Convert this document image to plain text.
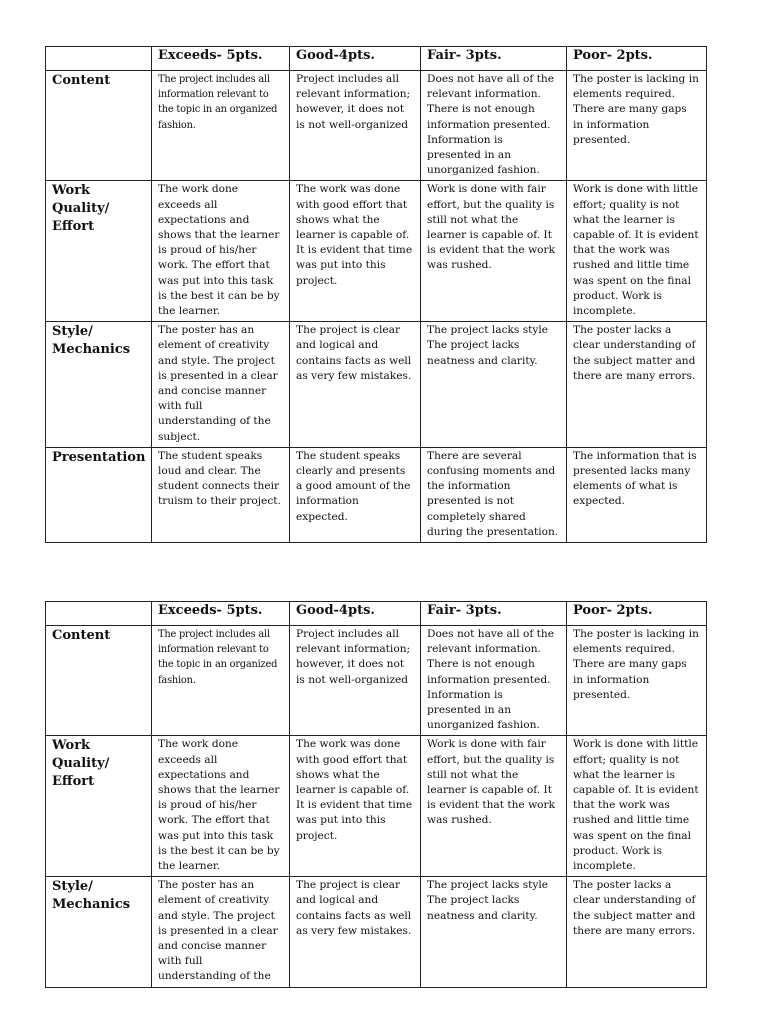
	Exceeds- 5pts.	Good-4pts.	Fair- 3pts.	Poor- 2pts.
Content	The project includes all information relevant to the topic in an organized fashion.	Project includes all relevant information; however, it does not is not well-organized	Does not have all of the relevant information. There is not enough information presented. Information is presented in an unorganized fashion.	The poster is lacking in elements required. There are many gaps in information presented.
Work Quality/ Effort	The work done exceeds all expectations and shows that the learner is proud of his/her work. The effort that was put into this task is the best it can be by the learner.	The work was done with good effort that shows what the learner is capable of. It is evident that time was put into this project.	Work is done with fair effort, but the quality is still not what the learner is capable of. It is evident that the work was rushed.	Work is done with little effort; quality is not what the learner is capable of. It is evident that the work was rushed and little time was spent on the final product. Work is incomplete.
Style/ Mechanics	The poster has an element of creativity and style. The project is presented in a clear and concise manner with full understanding of the subject.	The project is clear and logical and contains facts as well as very few mistakes.	The project lacks style The project lacks neatness and clarity.	The poster lacks a clear understanding of the subject matter and there are many errors.
Presentation	The student speaks loud and clear. The student connects their truism to their project.	The student speaks clearly and presents a good amount of the information expected.	There are several confusing moments and the information presented is not completely shared during the presentation.	The information that is presented lacks many elements of what is expected.
	Exceeds- 5pts.	Good-4pts.	Fair- 3pts.	Poor- 2pts.
Content	The project includes all information relevant to the topic in an organized fashion.	Project includes all relevant information; however, it does not is not well-organized	Does not have all of the relevant information. There is not enough information presented. Information is presented in an unorganized fashion.	The poster is lacking in elements required. There are many gaps in information presented.
Work Quality/ Effort	The work done exceeds all expectations and shows that the learner is proud of his/her work. The effort that was put into this task is the best it can be by the learner.	The work was done with good effort that shows what the learner is capable of. It is evident that time was put into this project.	Work is done with fair effort, but the quality is still not what the learner is capable of. It is evident that the work was rushed.	Work is done with little effort; quality is not what the learner is capable of. It is evident that the work was rushed and little time was spent on the final product. Work is incomplete.
Style/ Mechanics	The poster has an element of creativity and style. The project is presented in a clear and concise manner with full understanding of the	The project is clear and logical and contains facts as well as very few mistakes.	The project lacks style The project lacks neatness and clarity.	The poster lacks a clear understanding of the subject matter and there are many errors.
